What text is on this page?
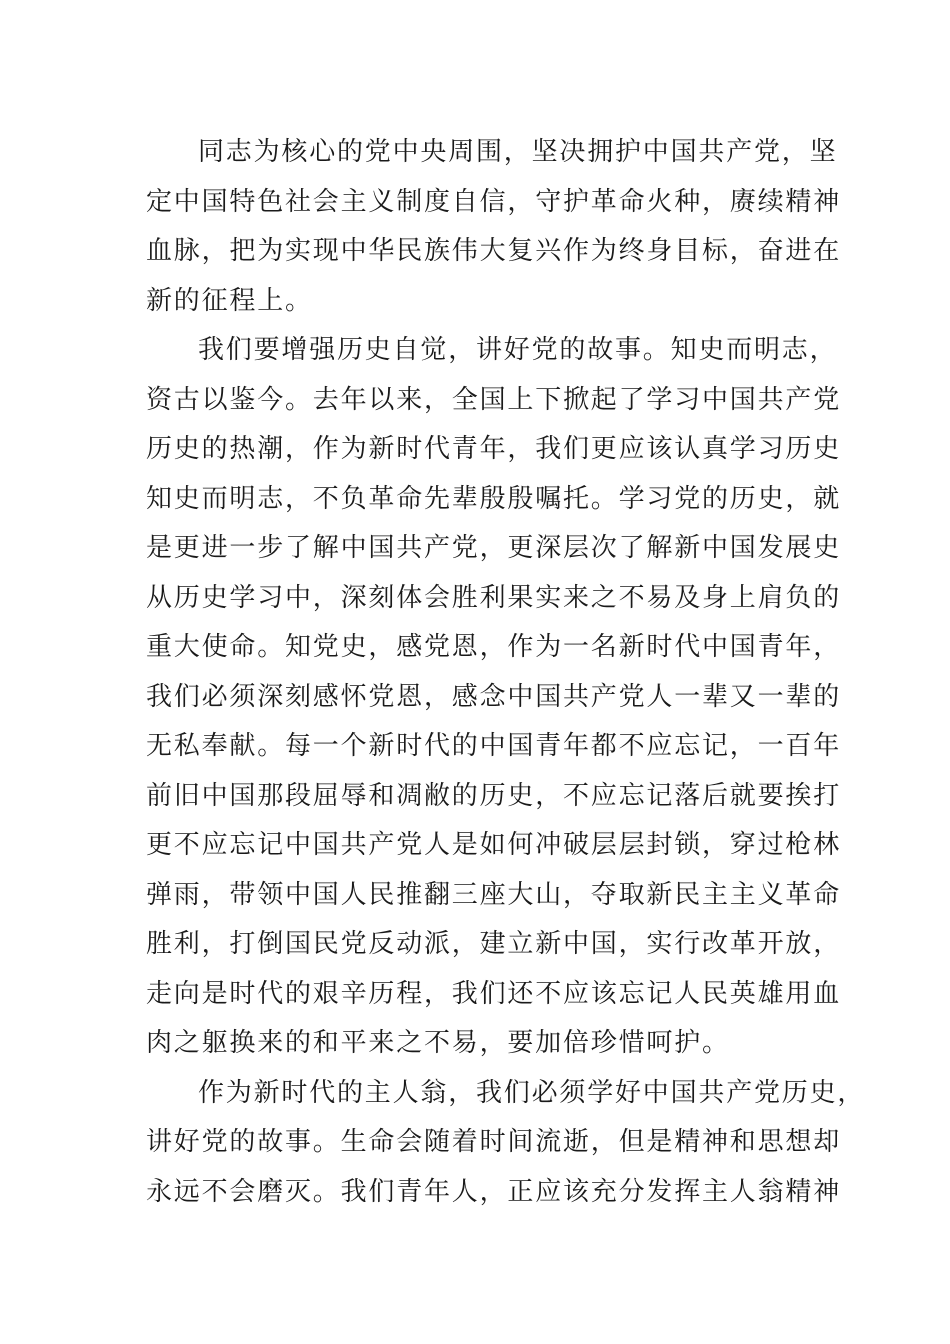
同志为核心的党中央周围，坚决拥护中国共产党，坚
定中国特色社会主义制度自信，守护革命火种，赓续精神
血脉，把为实现中华民族伟大复兴作为终身目标，奋进在
新的征程上。
我们要增强历史自觉，讲好党的故事。知史而明志，
资古以鉴今。去年以来，全国上下掀起了学习中国共产党
历史的热潮，作为新时代青年，我们更应该认真学习历史
知史而明志，不负革命先辈殷殷嘱托。学习党的历史，就
是更进一步了解中国共产党，更深层次了解新中国发展史
从历史学习中，深刻体会胜利果实来之不易及身上肩负的
重大使命。知党史，感党恩，作为一名新时代中国青年，
我们必须深刻感怀党恩，感念中国共产党人一辈又一辈的
无私奉献。每一个新时代的中国青年都不应忘记，一百年
前旧中国那段屈辱和凋敝的历史，不应忘记落后就要挨打
更不应忘记中国共产党人是如何冲破层层封锁，穿过枪林
弹雨，带领中国人民推翻三座大山，夺取新民主主义革命
胜利，打倒国民党反动派，建立新中国，实行改革开放，
走向是时代的艰辛历程，我们还不应该忘记人民英雄用血
肉之躯换来的和平来之不易，要加倍珍惜呵护。
作为新时代的主人翁，我们必须学好中国共产党历史，
讲好党的故事。生命会随着时间流逝，但是精神和思想却
永远不会磨灭。我们青年人，正应该充分发挥主人翁精神
